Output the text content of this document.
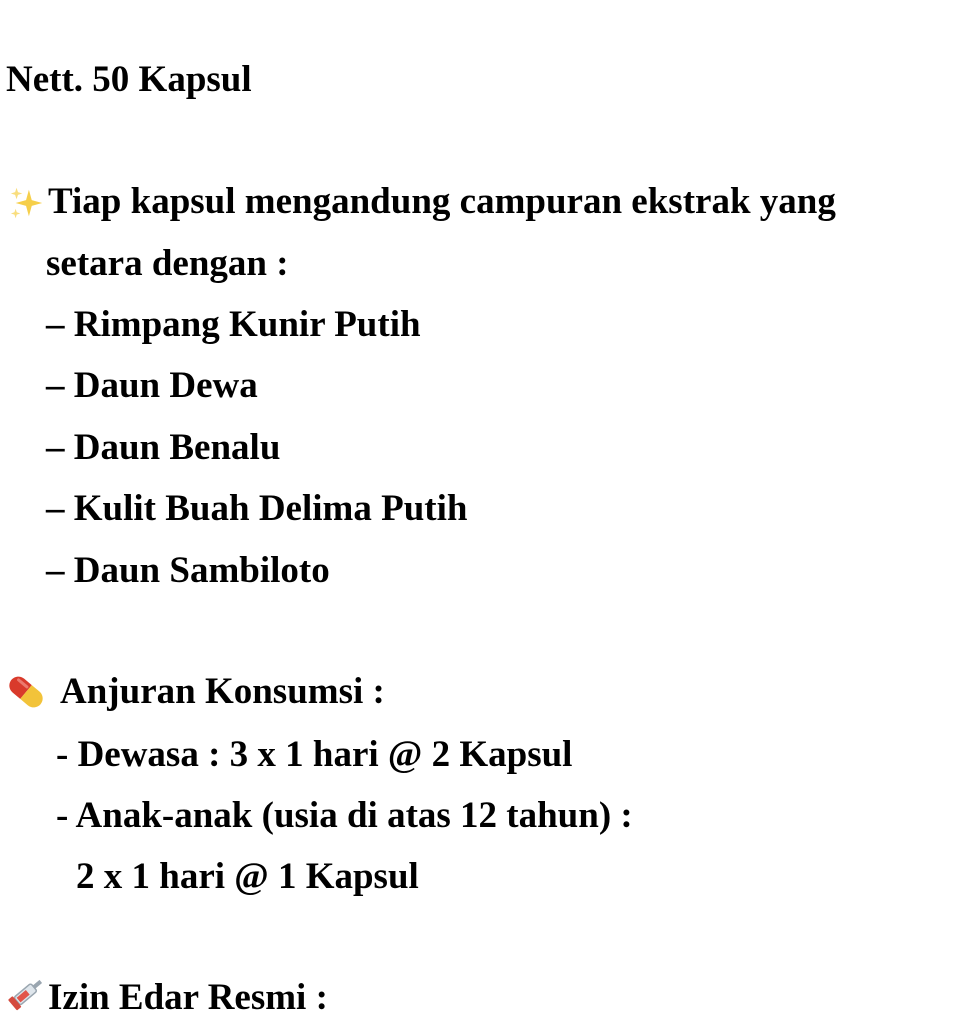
Nett. 50 Kapsul
Tiap kapsul mengandung campuran ekstrak yang
setara dengan :
– Rimpang Kunir Putih
– Daun Dewa
– Daun Benalu
– Kulit Buah Delima Putih
– Daun Sambiloto
Anjuran Konsumsi :
- Dewasa : 3 x 1 hari @ 2 Kapsul
- Anak-anak (usia di atas 12 tahun) :
2 x 1 hari @ 1 Kapsul
Izin Edar Resmi :
